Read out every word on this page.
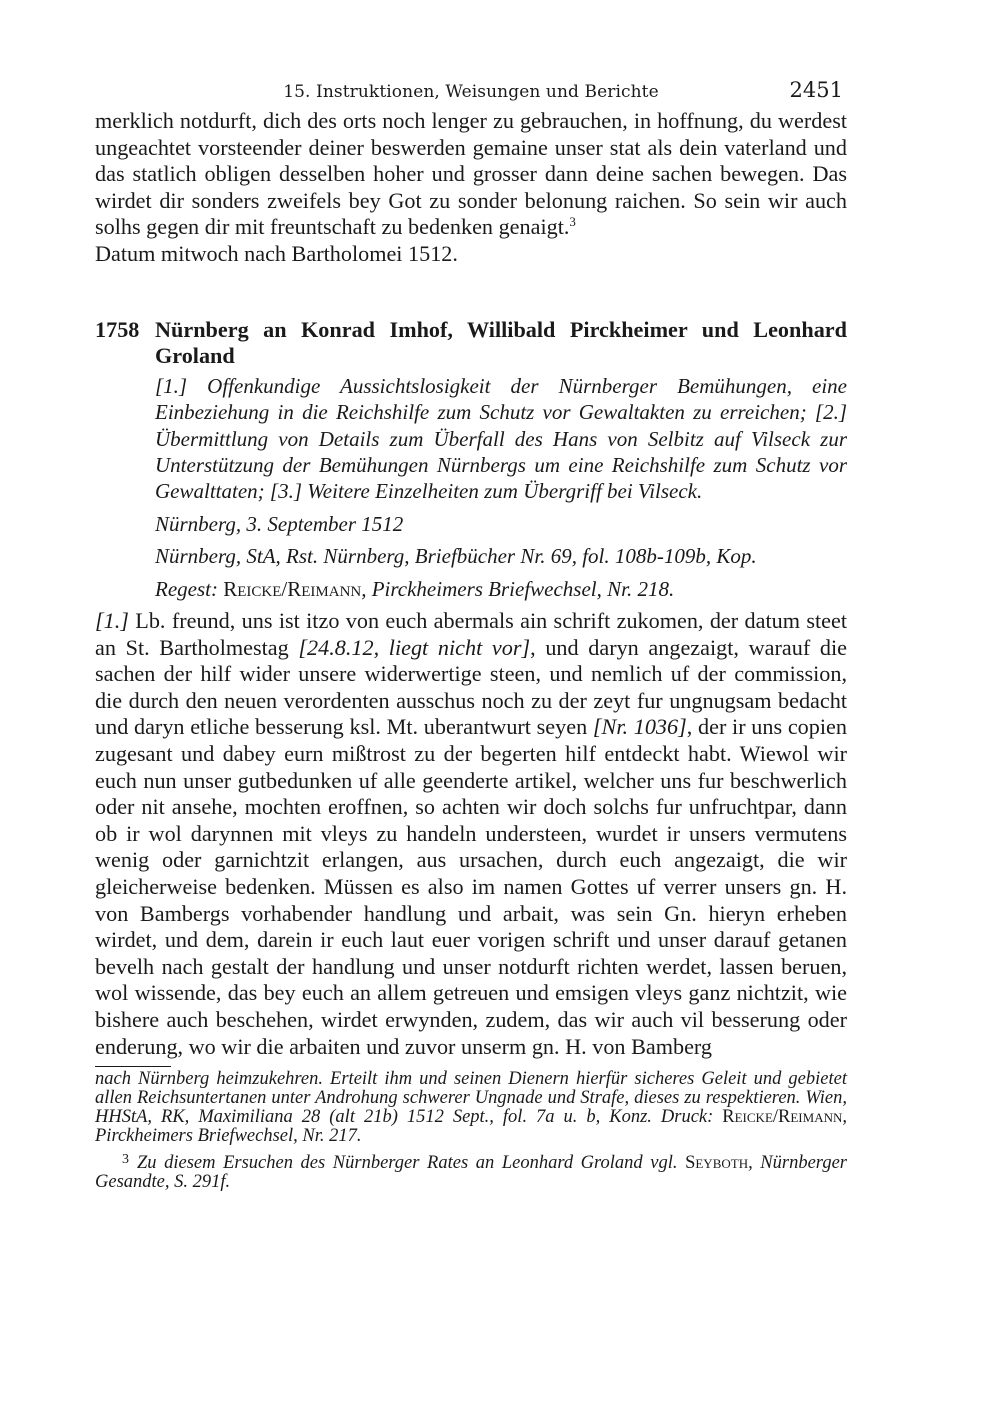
15. Instruktionen, Weisungen und Berichte	2451

merklich notdurft, dich des orts noch lenger zu gebrauchen, in hoffnung, du werdest ungeachtet vorsteender deiner beswerden gemaine unser stat als dein vaterland und das statlich obligen desselben hoher und grosser dann deine sachen bewegen. Das wirdet dir sonders zweifels bey Got zu sonder belonung raichen. So sein wir auch solhs gegen dir mit freuntschaft zu bedenken genaigt.$^3$
Datum mitwoch nach Bartholomei 1512.

1758 Nürnberg an Konrad Imhof, Willibald Pirckheimer und Leonhard Groland
[1.] Offenkundige Aussichtslosigkeit der Nürnberger Bemühungen, eine Einbeziehung in die Reichshilfe zum Schutz vor Gewaltakten zu erreichen; [2.] Übermittlung von Details zum Überfall des Hans von Selbitz auf Vilseck zur Unterstützung der Bemühungen Nürnbergs um eine Reichshilfe zum Schutz vor Gewalttaten; [3.] Weitere Einzelheiten zum Übergriff bei Vilseck.
Nürnberg, 3. September 1512
Nürnberg, StA, Rst. Nürnberg, Briefbücher Nr. 69, fol. 108b-109b, Kop.
Regest: Reicke/Reimann, Pirckheimers Briefwechsel, Nr. 218.

[1.] Lb. freund, uns ist itzo von euch abermals ain schrift zukomen, der datum steet an St. Bartholmestag [24.8.12, liegt nicht vor], und daryn angezaigt, warauf die sachen der hilf wider unsere widerwertige steen, und nemlich uf der commission, die durch den neuen verordenten ausschus noch zu der zeyt fur ungnugsam bedacht und daryn etliche besserung ksl. Mt. uberantwurt seyen [Nr. 1036], der ir uns copien zugesant und dabey eurn mißtrost zu der begerten hilf entdeckt habt. Wiewol wir euch nun unser gutbedunken uf alle geenderte artikel, welcher uns fur beschwerlich oder nit ansehe, mochten eroffnen, so achten wir doch solchs fur unfruchtpar, dann ob ir wol darynnen mit vleys zu handeln understeen, wurdet ir unsers vermutens wenig oder garnichtzit erlangen, aus ursachen, durch euch angezaigt, die wir gleicherweise bedenken. Müssen es also im namen Gottes uf verrer unsers gn. H. von Bambergs vorhabender handlung und arbait, was sein Gn. hieryn erheben wirdet, und dem, darein ir euch laut euer vorigen schrift und unser darauf getanen bevelh nach gestalt der handlung und unser notdurft richten werdet, lassen beruen, wol wissende, das bey euch an allem getreuen und emsigen vleys ganz nichtzit, wie bishere auch beschehen, wirdet erwynden, zudem, das wir auch vil besserung oder enderung, wo wir die arbaiten und zuvor unserm gn. H. von Bamberg

nach Nürnberg heimzukehren. Erteilt ihm und seinen Dienern hierfür sicheres Geleit und gebietet allen Reichsuntertanen unter Androhung schwerer Ungnade und Strafe, dieses zu respektieren. Wien, HHStA, RK, Maximiliana 28 (alt 21b) 1512 Sept., fol. 7a u. b, Konz. Druck: Reicke/Reimann, Pirckheimers Briefwechsel, Nr. 217.

$^3$ Zu diesem Ersuchen des Nürnberger Rates an Leonhard Groland vgl. Seyboth, Nürnberger Gesandte, S. 291f.
